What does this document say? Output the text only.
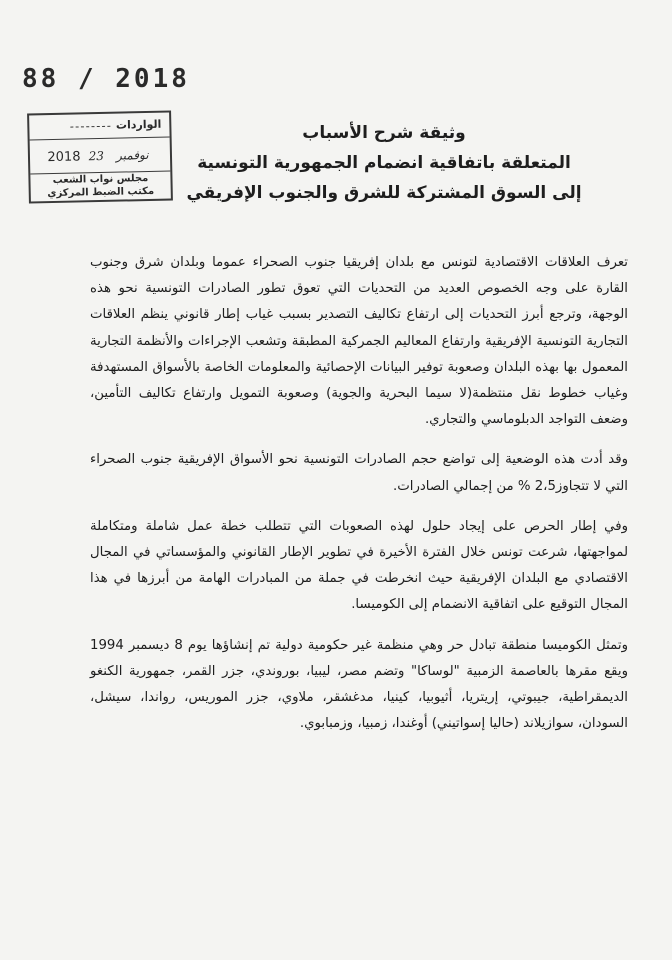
88 / 2018
الواردات
2018	نوفمبر 23
مجلس نواب الشعب
مكتب الضبط المركزي

وثيقة شرح الأسباب

المتعلقة باتفاقية انضمام الجمهورية التونسية

إلى السوق المشتركة للشرق والجنوب الإفريقي

تعرف العلاقات الاقتصادية لتونس مع بلدان إفريقيا جنوب الصحراء عموما وبلدان شرق وجنوب القارة على وجه الخصوص العديد من التحديات التي تعوق تطور الصادرات التونسية نحو هذه الوجهة، وترجع أبرز التحديات إلى ارتفاع تكاليف التصدير بسبب غياب إطار قانوني ينظم العلاقات التجارية التونسية الإفريقية وارتفاع المعاليم الجمركية المطبقة وتشعب الإجراءات والأنظمة التجارية المعمول بها بهذه البلدان وصعوبة توفير البيانات الإحصائية والمعلومات الخاصة بالأسواق المستهدفة وغياب خطوط نقل منتظمة(لا سيما البحرية والجوية) وصعوبة التمويل وارتفاع تكاليف التأمين، وضعف التواجد الدبلوماسي والتجاري.

وقد أدت هذه الوضعية إلى تواضع حجم الصادرات التونسية نحو الأسواق الإفريقية جنوب الصحراء التي لا تتجاوز2،5 % من إجمالي الصادرات.

وفي إطار الحرص على إيجاد حلول لهذه الصعوبات التي تتطلب خطة عمل شاملة ومتكاملة لمواجهتها، شرعت تونس خلال الفترة الأخيرة في تطوير الإطار القانوني والمؤسساتي في المجال الاقتصادي مع البلدان الإفريقية حيث انخرطت في جملة من المبادرات الهامة من أبرزها في هذا المجال التوقيع على اتفاقية الانضمام إلى الكوميسا.

وتمثل الكوميسا منطقة تبادل حر وهي منظمة غير حكومية دولية تم إنشاؤها يوم 8 ديسمبر 1994 ويقع مقرها بالعاصمة الزمبية "لوساكا" وتضم مصر، ليبيا، بوروندي، جزر القمر، جمهورية الكنغو الديمقراطية، جيبوتي، إريتريا، أثيوبيا، كينيا، مدغشقر، ملاوي، جزر الموريس، رواندا، سيشل، السودان، سوازيلاند (حاليا إسواتيني) أوغندا، زمبيا، وزمبابوي.
